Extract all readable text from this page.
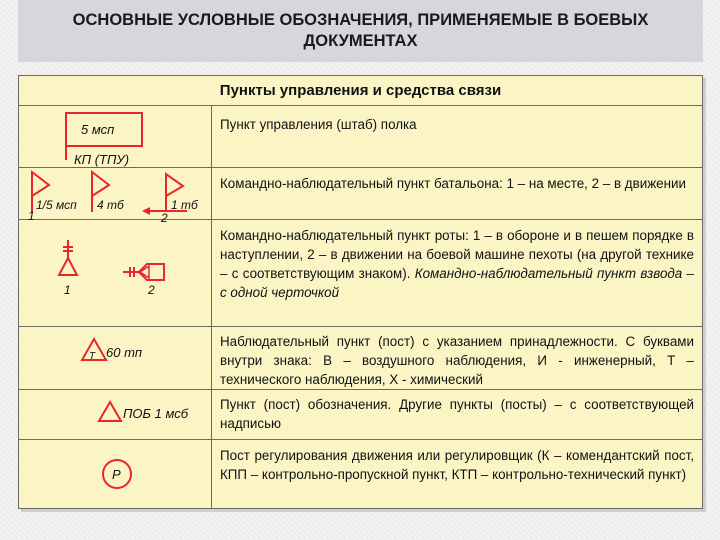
ОСНОВНЫЕ УСЛОВНЫЕ ОБОЗНАЧЕНИЯ, ПРИМЕНЯЕМЫЕ В БОЕВЫХ ДОКУМЕНТАХ
Пункты управления и средства связи
5 мсп
КП (ТПУ)
Пункт управления (штаб) полка
1/5 мсп 4 тб	1 тб
1	2
Командно-наблюдательный пункт батальона: 1 – на месте, 2 – в движении
1	2
Командно-наблюдательный пункт роты: 1 – в обороне и в пешем порядке в наступлении, 2 – в движении на боевой машине пехоты (на другой технике – с соответствующим знаком). Командно-наблюдательный пункт взвода – с одной черточкой
Т 60 тп
Наблюдательный пункт (пост) с указанием принадлежности. С буквами внутри знака: В – воздушного наблюдения, И - инженерный, Т – технического наблюдения, Х - химический
ПОБ 1 мсб
Пункт (пост) обозначения. Другие пункты (посты) – с соответствующей надписью
Р
Пост регулирования движения или регулировщик (К – комендантский пост, КПП – контрольно-пропускной пункт, КТП – контрольно-технический пункт)
